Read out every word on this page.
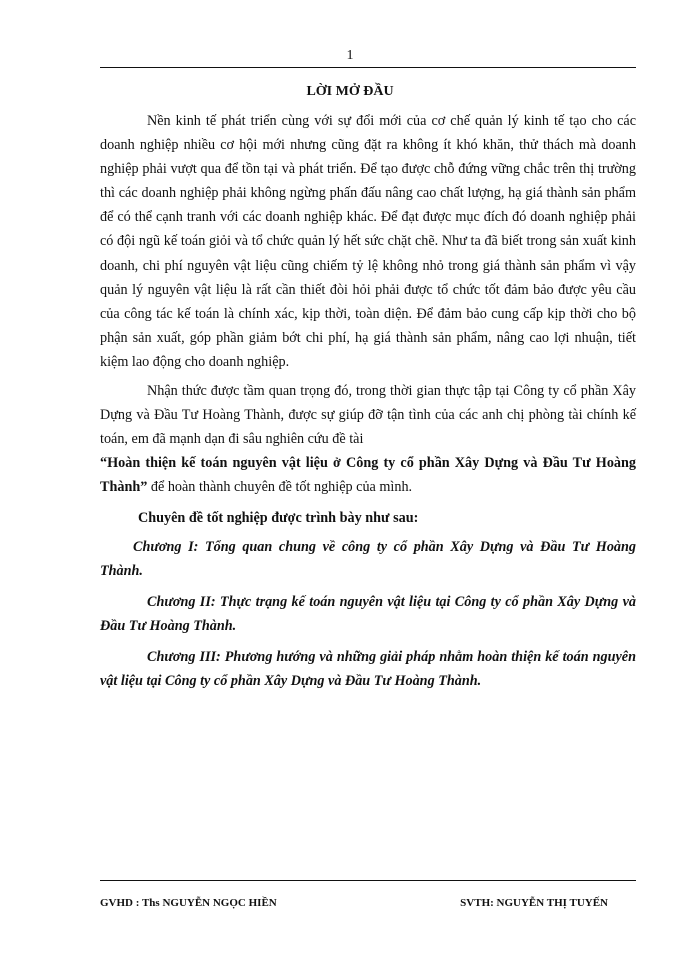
1
LỜI MỞ ĐẦU

Nền kinh tế phát triển cùng với sự đổi mới của cơ chế quản lý kinh tế tạo cho các doanh nghiệp nhiều cơ hội mới nhưng cũng đặt ra không ít khó khăn, thử thách mà doanh nghiệp phải vượt qua để tồn tại và phát triển. Để tạo được chỗ đứng vững chắc trên thị trường thì các doanh nghiệp phải không ngừng phấn đấu nâng cao chất lượng, hạ giá thành sản phẩm để có thể cạnh tranh với các doanh nghiệp khác. Để đạt được mục đích đó doanh nghiệp phải có đội ngũ kế toán giỏi và tổ chức quản lý hết sức chặt chẽ. Như ta đã biết trong sản xuất kinh doanh, chi phí nguyên vật liệu cũng chiếm tỷ lệ không nhỏ trong giá thành sản phẩm vì vậy quản lý nguyên vật liệu là rất cần thiết đòi hỏi phải được tổ chức tốt đảm bảo được yêu cầu của công tác kế toán là chính xác, kịp thời, toàn diện. Để đảm bảo cung cấp kịp thời cho bộ phận sản xuất, góp phần giảm bớt chi phí, hạ giá thành sản phẩm, nâng cao lợi nhuận, tiết kiệm lao động cho doanh nghiệp.

Nhận thức được tầm quan trọng đó, trong thời gian thực tập tại Công ty cổ phần Xây Dựng và Đầu Tư Hoàng Thành, được sự giúp đỡ tận tình của các anh chị phòng tài chính kế toán, em đã mạnh dạn đi sâu nghiên cứu đề tài

“Hoàn thiện kế toán nguyên vật liệu ở Công ty cổ phần Xây Dựng và Đầu Tư Hoàng Thành” để hoàn thành chuyên đề tốt nghiệp của mình.

Chuyên đề tốt nghiệp được trình bày như sau:

Chương I: Tổng quan chung về công ty cổ phần Xây Dựng và Đầu Tư Hoàng Thành.

Chương II: Thực trạng kế toán nguyên vật liệu tại Công ty cổ phần Xây Dựng và Đầu Tư Hoàng Thành.

Chương III: Phương hướng và những giải pháp nhằm hoàn thiện kế toán nguyên vật liệu tại Công ty cổ phần Xây Dựng và Đầu Tư Hoàng Thành.

GVHD : Ths NGUYỄN NGỌC HIỀN	SVTH: NGUYỄN THỊ TUYẾN
